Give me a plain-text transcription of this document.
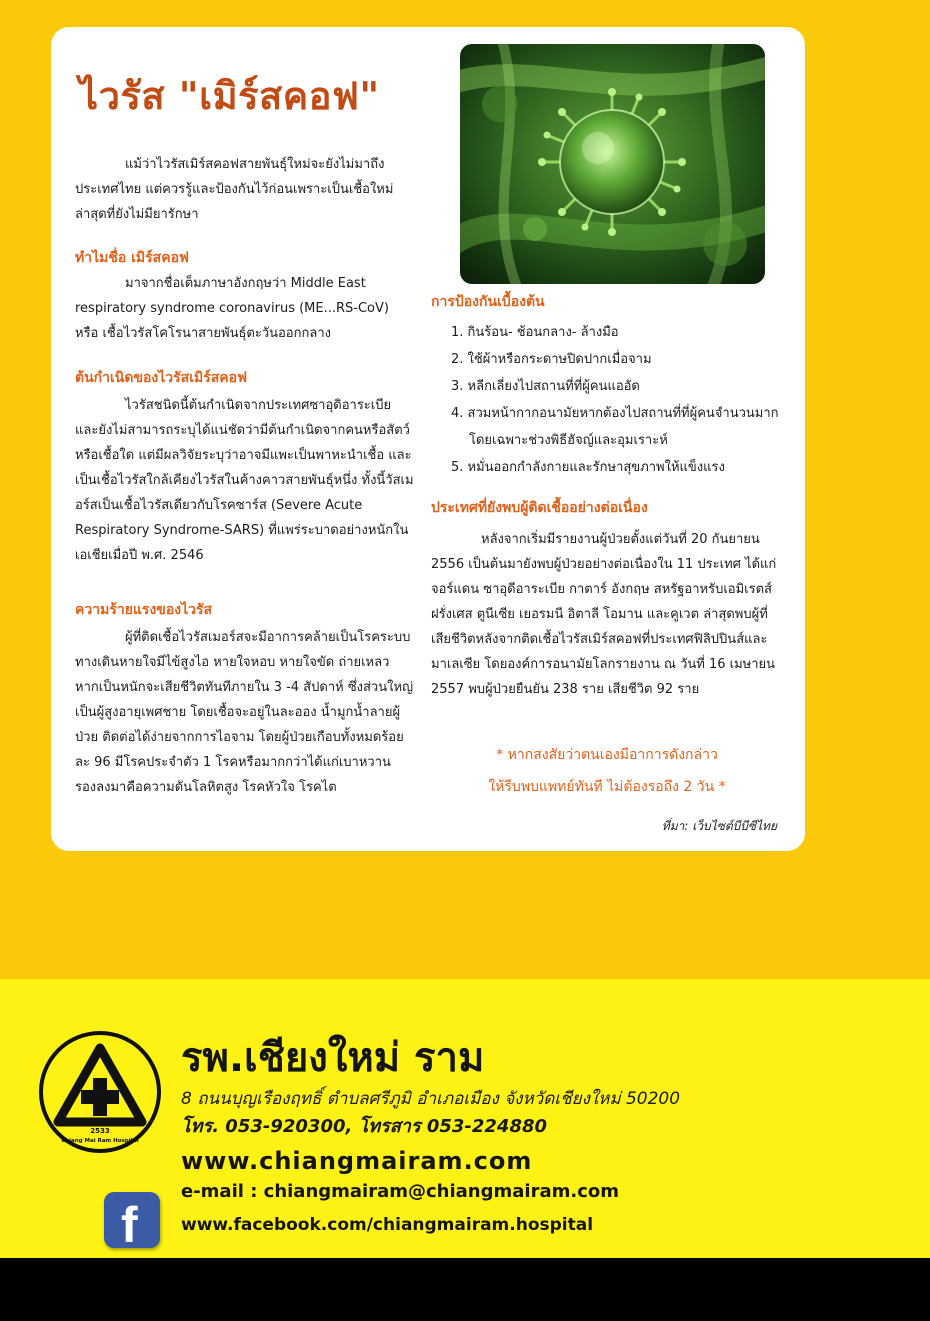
ไวรัส "เมิร์สคอฟ"

แม้ว่าไวรัสเมิร์สคอฟสายพันธุ์ใหม่จะยังไม่มาถึงประเทศไทย แต่ควรรู้และป้องกันไว้ก่อนเพราะเป็นเชื้อใหม่ล่าสุดที่ยังไม่มียารักษา

ทำไมชื่อ เมิร์สคอฟ

มาจากชื่อเต็มภาษาอังกฤษว่า Middle East respiratory syndrome coronavirus (ME...RS-CoV) หรือ เชื้อไวรัสโคโรนาสายพันธุ์ตะวันออกกลาง

ต้นกำเนิดของไวรัสเมิร์สคอฟ

ไวรัสชนิดนี้ต้นกำเนิดจากประเทศซาอุดิอาระเบีย และยังไม่สามารถระบุได้แน่ชัดว่ามีต้นกำเนิดจากคนหรือสัตว์หรือเชื้อใด แต่มีผลวิจัยระบุว่าอาจมีแพะเป็นพาหะนำเชื้อ และเป็นเชื้อไวรัสใกล้เคียงไวรัสในค้างคาวสายพันธุ์หนึ่ง ทั้งนี้วัสเมอร์สเป็นเชื้อไวรัสเดียวกับโรคซาร์ส (Severe Acute Respiratory Syndrome-SARS) ที่แพร่ระบาดอย่างหนักในเอเชียเมื่อปี พ.ศ. 2546

ความร้ายแรงของไวรัส

ผู้ที่ติดเชื้อไวรัสเมอร์สจะมีอาการคล้ายเป็นโรคระบบทางเดินหายใจมีไข้สูงไอ หายใจหอบ หายใจขัด ถ่ายเหลว หากเป็นหนักจะเสียชีวิตทันทีภายใน 3 -4 สัปดาห์ ซึ่งส่วนใหญ่เป็นผู้สูงอายุเพศชาย โดยเชื้อจะอยู่ในละออง น้ำมูกน้ำลายผู้ป่วย ติดต่อได้ง่ายจากการไอจาม โดยผู้ป่วยเกือบทั้งหมดร้อยละ 96 มีโรคประจำตัว 1 โรคหรือมากกว่าได้แก่เบาหวาน รองลงมาคือความดันโลหิตสูง โรคหัวใจ โรคไต

การป้องกันเบื้องต้น
1. กินร้อน- ช้อนกลาง- ล้างมือ
2. ใช้ผ้าหรือกระดาษปิดปากเมื่อจาม
3. หลีกเลี่ยงไปสถานที่ที่ผู้คนแออัด
4. สวมหน้ากากอนามัยหากต้องไปสถานที่ที่ผู้คนจำนวนมากโดยเฉพาะช่วงพิธีฮัจญ์และอุมเราะห์
5. หมั่นออกกำลังกายและรักษาสุขภาพให้แข็งแรง
ประเทศที่ยังพบผู้ติดเชื้ออย่างต่อเนื่อง

หลังจากเริ่มมีรายงานผู้ป่วยตั้งแต่วันที่ 20 กันยายน 2556 เป็นต้นมายังพบผู้ป่วยอย่างต่อเนื่องใน 11 ประเทศ ได้แก่ จอร์แดน ซาอุดีอาระเบีย กาตาร์ อังกฤษ สหรัฐอาหรับเอมิเรตส์ ฝรั่งเศส ตูนีเซีย เยอรมนี อิตาลี โอมาน และคูเวต ล่าสุดพบผู้ที่เสียชีวิตหลังจากติดเชื้อไวรัสเมิร์สคอฟที่ประเทศฟิลิปปินส์และมาเลเซีย โดยองค์การอนามัยโลกรายงาน ณ วันที่ 16 เมษายน 2557 พบผู้ป่วยยืนยัน 238 ราย เสียชีวิต 92 ราย

* หากสงสัยว่าตนเองมีอาการดังกล่าว

ให้รีบพบแพทย์ทันที ไม่ต้องรอถึง 2 วัน *

ที่มา: เว็บไซต์บีบีซีไทย

2533
Chiang Mai Ram Hospital
รพ.เชียงใหม่ ราม

8 ถนนบุญเรืองฤทธิ์ ตำบลศรีภูมิ อำเภอเมือง จังหวัดเชียงใหม่ 50200

โทร. 053-920300, โทรสาร 053-224880

www.chiangmairam.com
e-mail : chiangmairam@chiangmairam.com
f	www.facebook.com/chiangmairam.hospital
